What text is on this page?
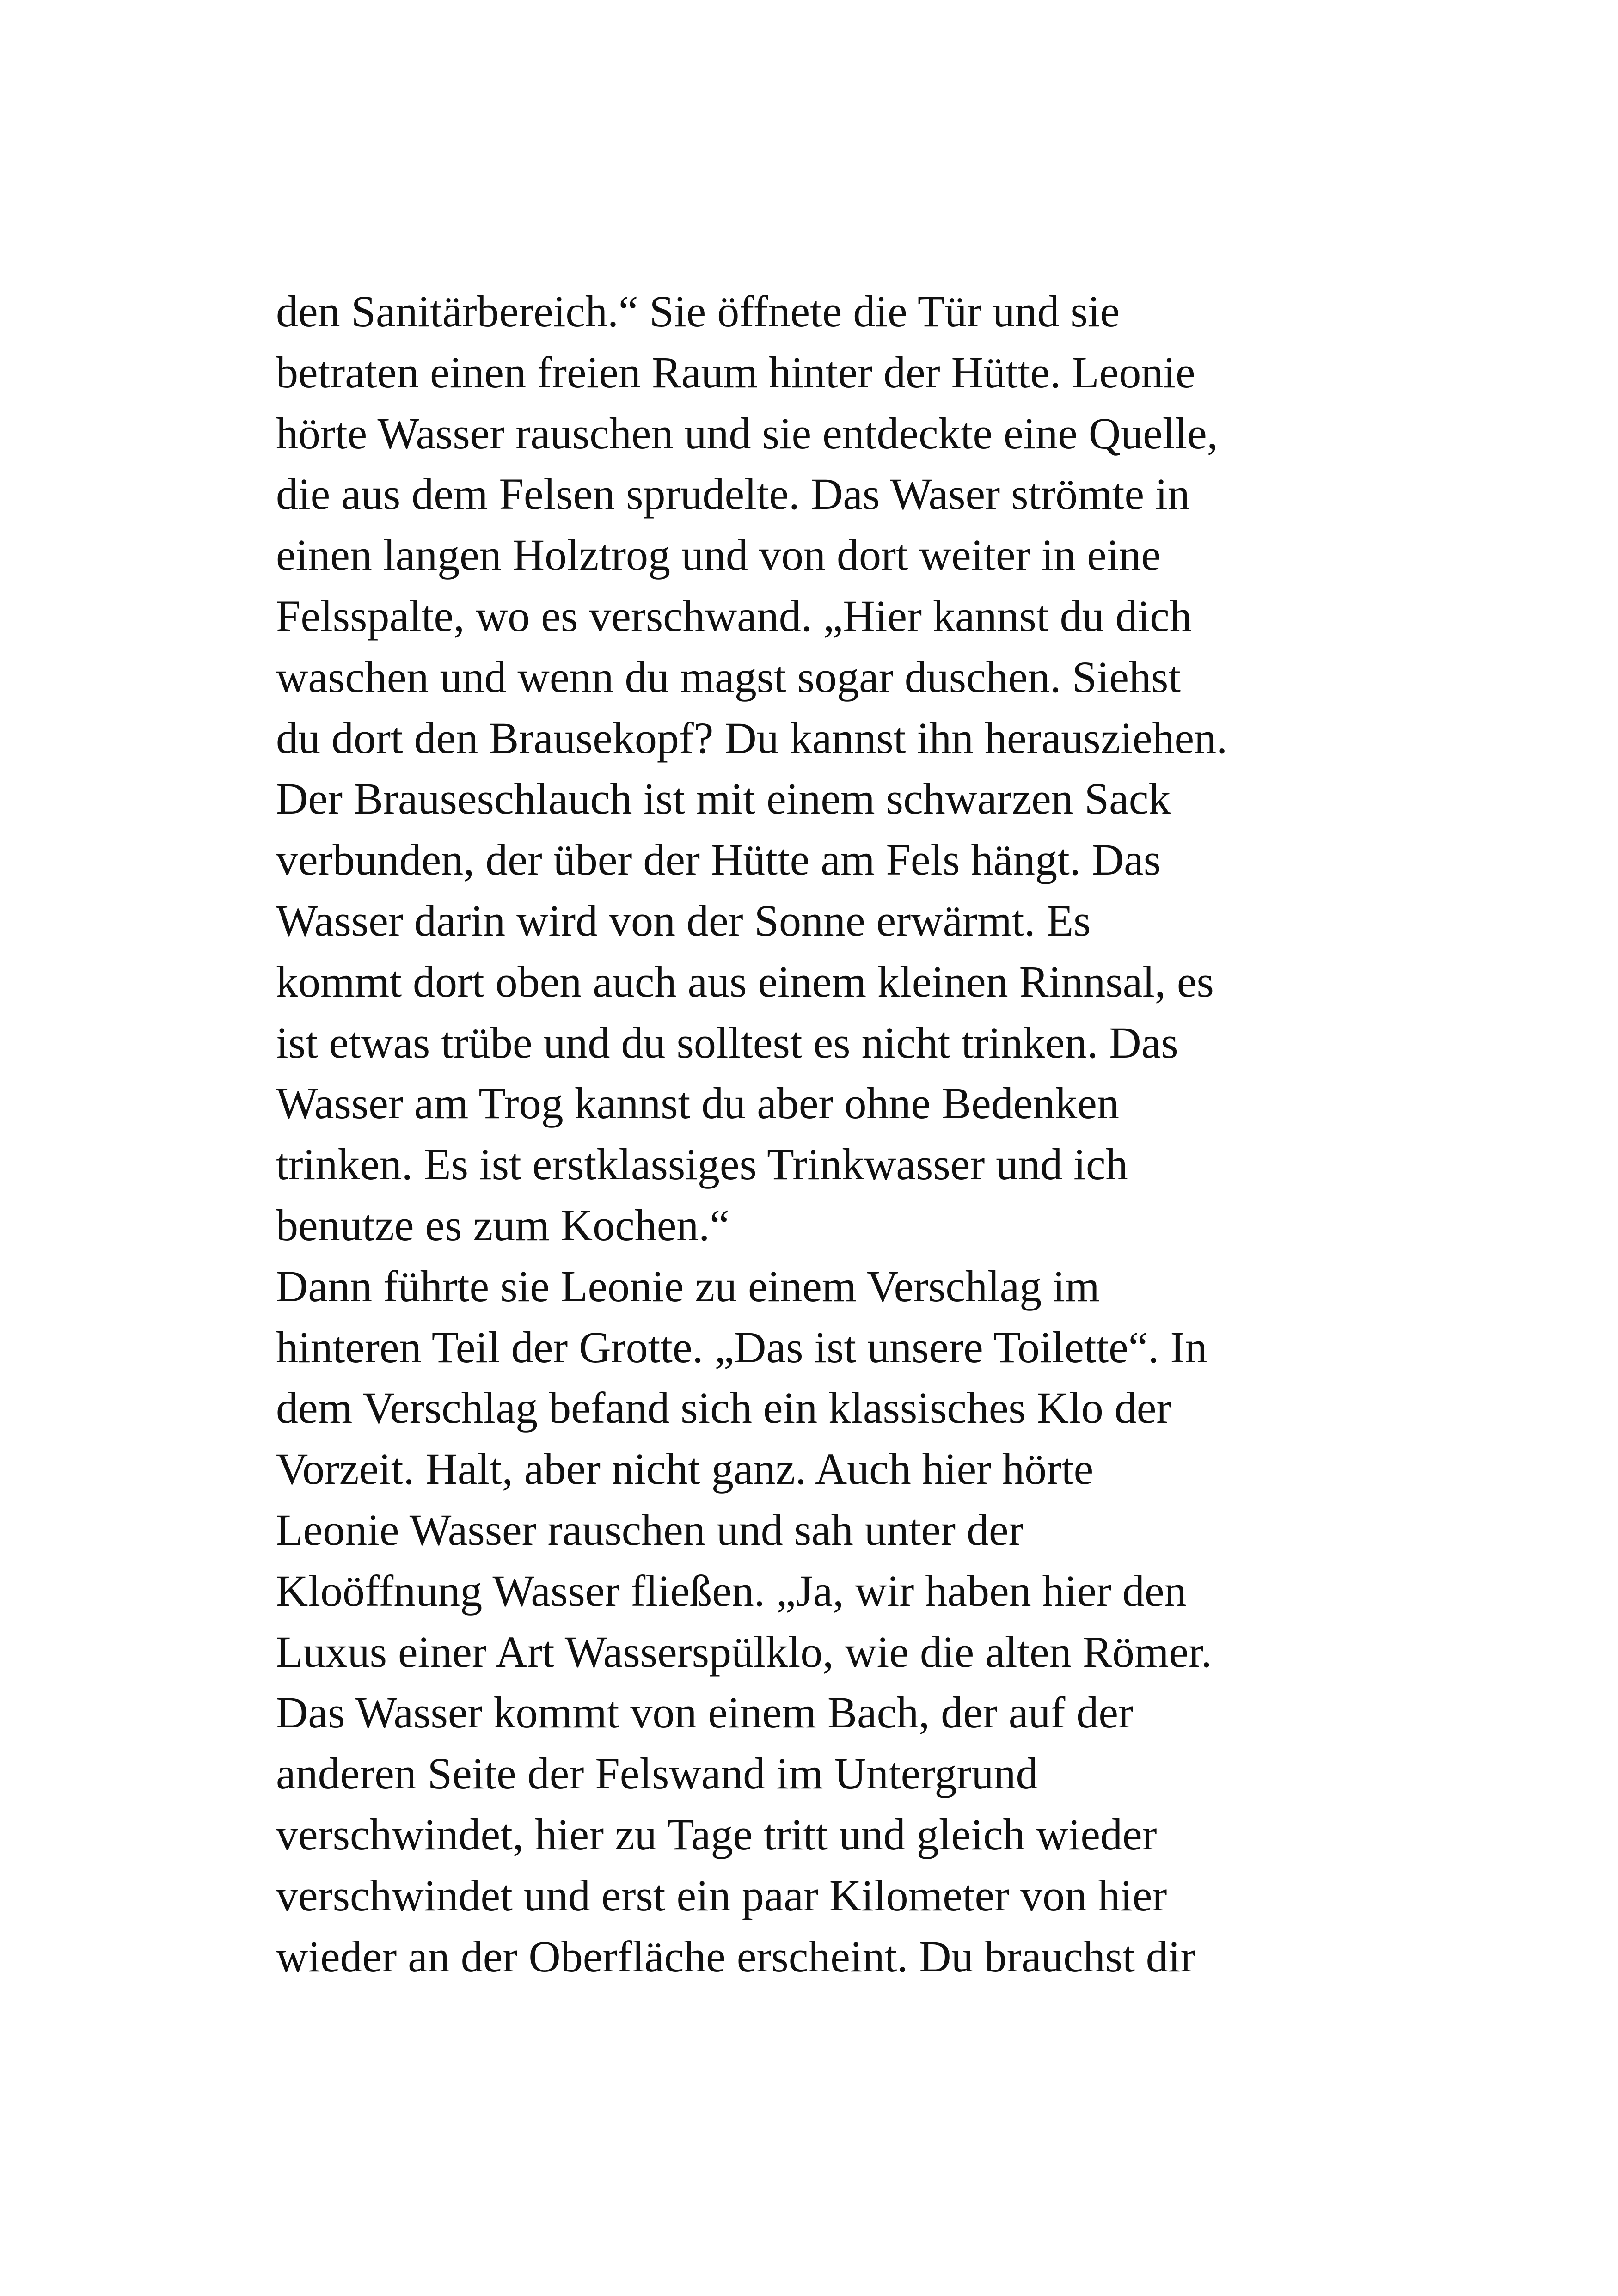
den Sanitärbereich.“ Sie öffnete die Tür und sie
betraten einen freien Raum hinter der Hütte. Leonie
hörte Wasser rauschen und sie entdeckte eine Quelle,
die aus dem Felsen sprudelte. Das Waser strömte in
einen langen Holztrog und von dort weiter in eine
Felsspalte, wo es verschwand. „Hier kannst du dich
waschen und wenn du magst sogar duschen. Siehst
du dort den Brausekopf? Du kannst ihn herausziehen.
Der Brauseschlauch ist mit einem schwarzen Sack
verbunden, der über der Hütte am Fels hängt. Das
Wasser darin wird von der Sonne erwärmt. Es
kommt dort oben auch aus einem kleinen Rinnsal, es
ist etwas trübe und du solltest es nicht trinken. Das
Wasser am Trog kannst du aber ohne Bedenken
trinken. Es ist erstklassiges Trinkwasser und ich
benutze es zum Kochen.“
Dann führte sie Leonie zu einem Verschlag im
hinteren Teil der Grotte. „Das ist unsere Toilette“. In
dem Verschlag befand sich ein klassisches Klo der
Vorzeit. Halt, aber nicht ganz. Auch hier hörte
Leonie Wasser rauschen und sah unter der
Kloöffnung Wasser fließen. „Ja, wir haben hier den
Luxus einer Art Wasserspülklo, wie die alten Römer.
Das Wasser kommt von einem Bach, der auf der
anderen Seite der Felswand im Untergrund
verschwindet, hier zu Tage tritt und gleich wieder
verschwindet und erst ein paar Kilometer von hier
wieder an der Oberfläche erscheint. Du brauchst dir
